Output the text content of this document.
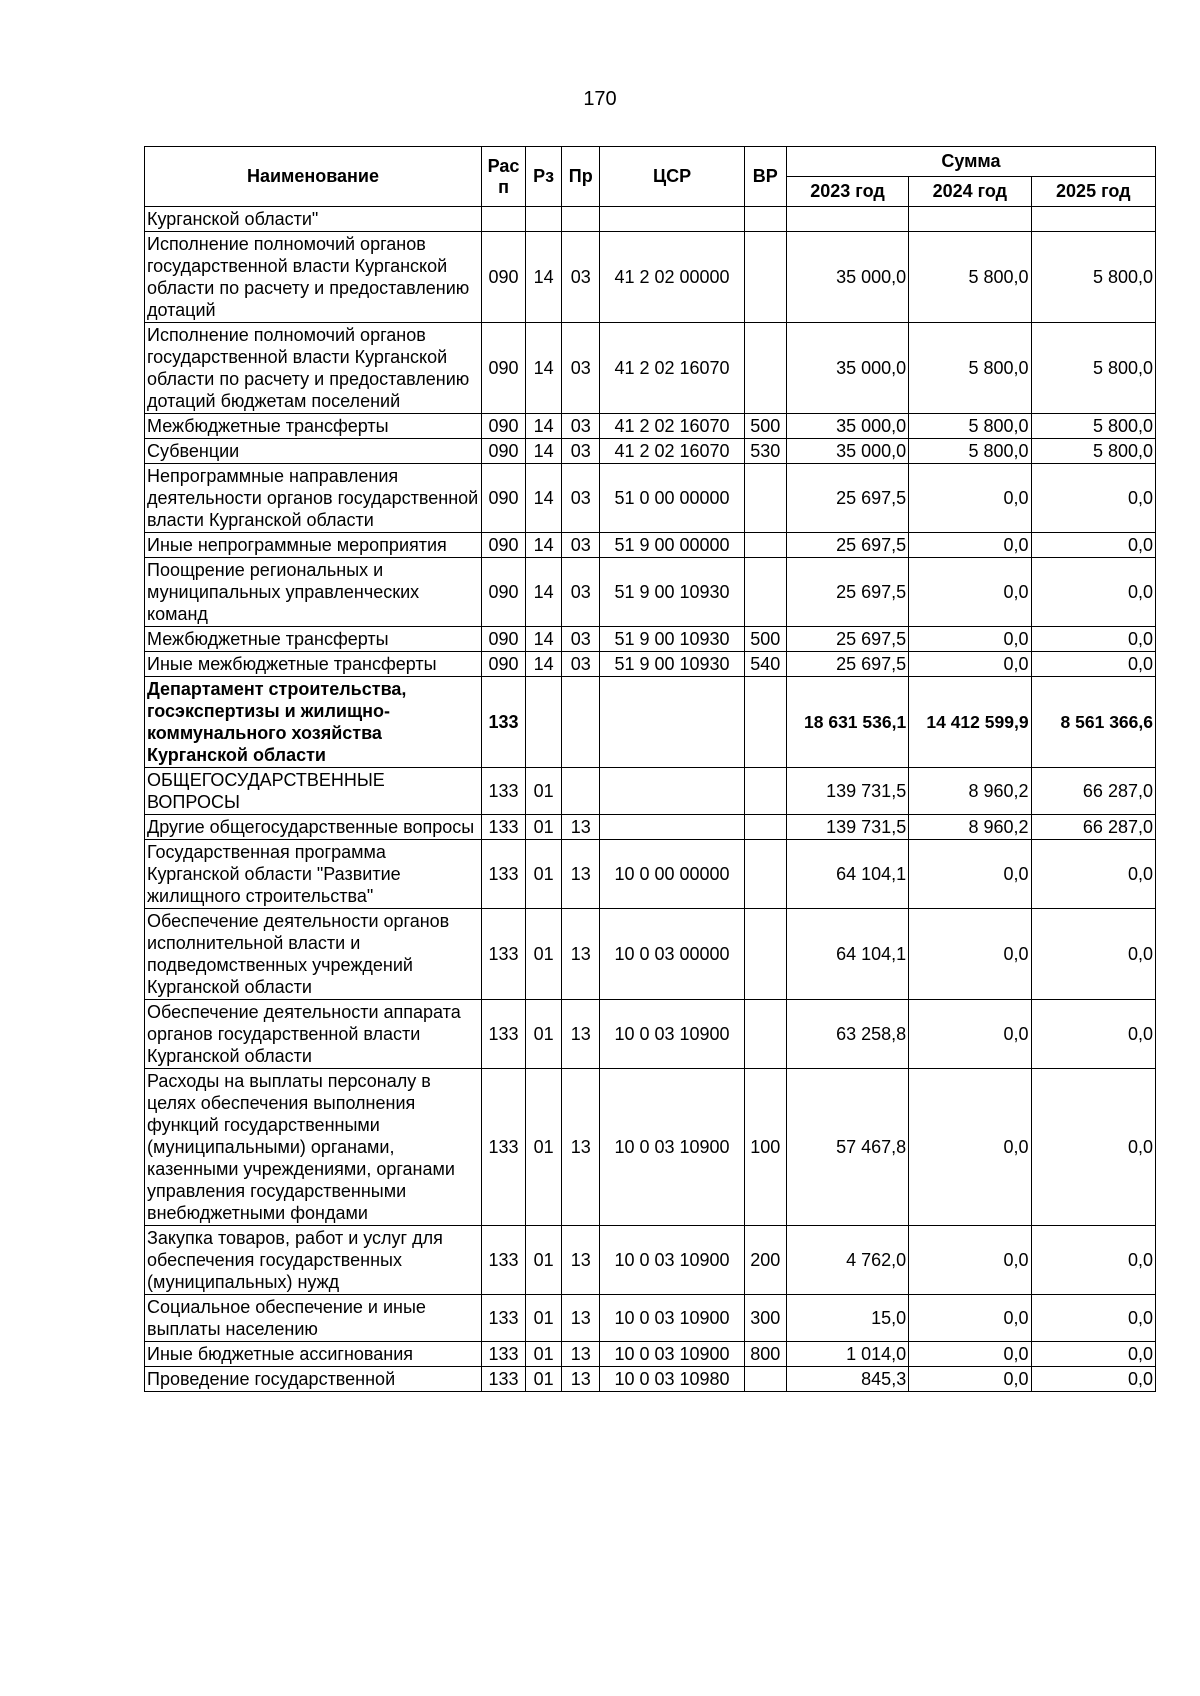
170
Наименование	Рас п	Рз	Пр	ЦСР	ВР	Сумма		
						2023 год	2024 год	2025 год
Курганской области"								
Исполнение полномочий органов государственной власти Курганской области по расчету и предоставлению дотаций	090	14	03	41 2 02 00000		35 000,0	5 800,0	5 800,0
Исполнение полномочий органов государственной власти Курганской области по расчету и предоставлению дотаций бюджетам поселений	090	14	03	41 2 02 16070		35 000,0	5 800,0	5 800,0
Межбюджетные трансферты	090	14	03	41 2 02 16070	500	35 000,0	5 800,0	5 800,0
Субвенции	090	14	03	41 2 02 16070	530	35 000,0	5 800,0	5 800,0
Непрограммные направления деятельности органов государственной власти Курганской области	090	14	03	51 0 00 00000		25 697,5	0,0	0,0
Иные непрограммные мероприятия	090	14	03	51 9 00 00000		25 697,5	0,0	0,0
Поощрение региональных и муниципальных управленческих команд	090	14	03	51 9 00 10930		25 697,5	0,0	0,0
Межбюджетные трансферты	090	14	03	51 9 00 10930	500	25 697,5	0,0	0,0
Иные межбюджетные трансферты	090	14	03	51 9 00 10930	540	25 697,5	0,0	0,0
Департамент строительства, госэкспертизы и жилищно-коммунального хозяйства Курганской области	133					18 631 536,1	14 412 599,9	8 561 366,6
ОБЩЕГОСУДАРСТВЕННЫЕ ВОПРОСЫ	133	01				139 731,5	8 960,2	66 287,0
Другие общегосударственные вопросы	133	01	13			139 731,5	8 960,2	66 287,0
Государственная программа Курганской области "Развитие жилищного строительства"	133	01	13	10 0 00 00000		64 104,1	0,0	0,0
Обеспечение деятельности органов исполнительной власти и подведомственных учреждений Курганской области	133	01	13	10 0 03 00000		64 104,1	0,0	0,0
Обеспечение деятельности аппарата органов государственной власти Курганской области	133	01	13	10 0 03 10900		63 258,8	0,0	0,0
Расходы на выплаты персоналу в целях обеспечения выполнения функций государственными (муниципальными) органами, казенными учреждениями, органами управления государственными внебюджетными фондами	133	01	13	10 0 03 10900	100	57 467,8	0,0	0,0
Закупка товаров, работ и услуг для обеспечения государственных (муниципальных) нужд	133	01	13	10 0 03 10900	200	4 762,0	0,0	0,0
Социальное обеспечение и иные выплаты населению	133	01	13	10 0 03 10900	300	15,0	0,0	0,0
Иные бюджетные ассигнования	133	01	13	10 0 03 10900	800	1 014,0	0,0	0,0
Проведение государственной	133	01	13	10 0 03 10980		845,3	0,0	0,0
